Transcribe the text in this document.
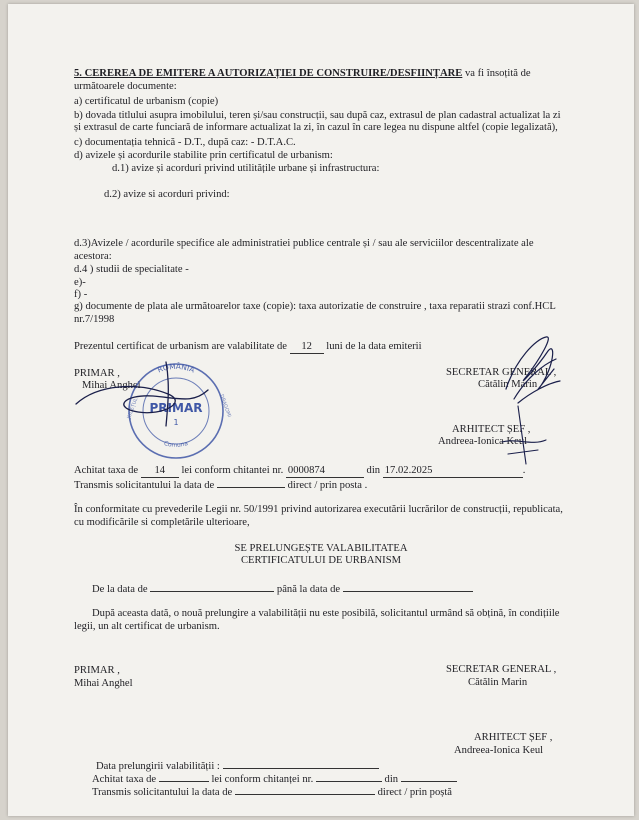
5. CEREREA DE EMITERE A AUTORIZAȚIEI DE CONSTRUIRE/DESFIINȚARE va fi însoțită de
următoarele documente:
a) certificatul de urbanism (copie)
b) dovada titlului asupra imobilului, teren și/sau construcții, sau după caz, extrasul de plan cadastral actualizat la zi
și extrasul de carte funciară de informare actualizat la zi, în cazul în care legea nu dispune altfel (copie legalizată),
c) documentația tehnică - D.T., după caz: - D.T.A.C.
d) avizele și acordurile stabilite prin certificatul de urbanism:
d.1) avize și acorduri privind utilitățile urbane și infrastructura:
d.2) avize si acorduri privind:
d.3)Avizele / acordurile specifice ale administratiei publice centrale și / sau ale serviciilor descentralizate ale
acestora:
d.4 ) studii de specialitate -
e)-
f) -
g) documente de plata ale următoarelor taxe (copie): taxa autorizatie de construire , taxa reparatii strazi conf.HCL
nr.7/1998
Prezentul certificat de urbanism are valabilitate de 12 luni de la data emiterii
PRIMAR ,
Mihai Anghel
SECRETAR GENERAL ,
Cătălin Marin
ARHITECT ȘEF ,
Andreea-Ionica Keul
ROMÂNIA
Comuna
PRIMAR
1
JUDEȚUL	DRAGOMI
Achitat taxa de 14 lei conform chitantei nr. 0000874	din 17.02.2025	.
Transmis solicitantului la data de	direct / prin posta .
În conformitate cu prevederile Legii nr. 50/1991 privind autorizarea executării lucrărilor de construcții, republicata,
cu modificările si completările ulterioare,
SE PRELUNGEȘTE VALABILITATEA
CERTIFICATULUI DE URBANISM
De la data de	până la data de
După aceasta dată, o nouă prelungire a valabilității nu este posibilă, solicitantul urmând să obțină, în condițiile
legii, un alt certificat de urbanism.
PRIMAR ,
Mihai Anghel
SECRETAR GENERAL ,
Cătălin Marin
ARHITECT ȘEF ,
Andreea-Ionica Keul
Data prelungirii valabilității :
Achitat taxa de	lei conform chitanței nr.	din
Transmis solicitantului la data de	direct / prin poștă
